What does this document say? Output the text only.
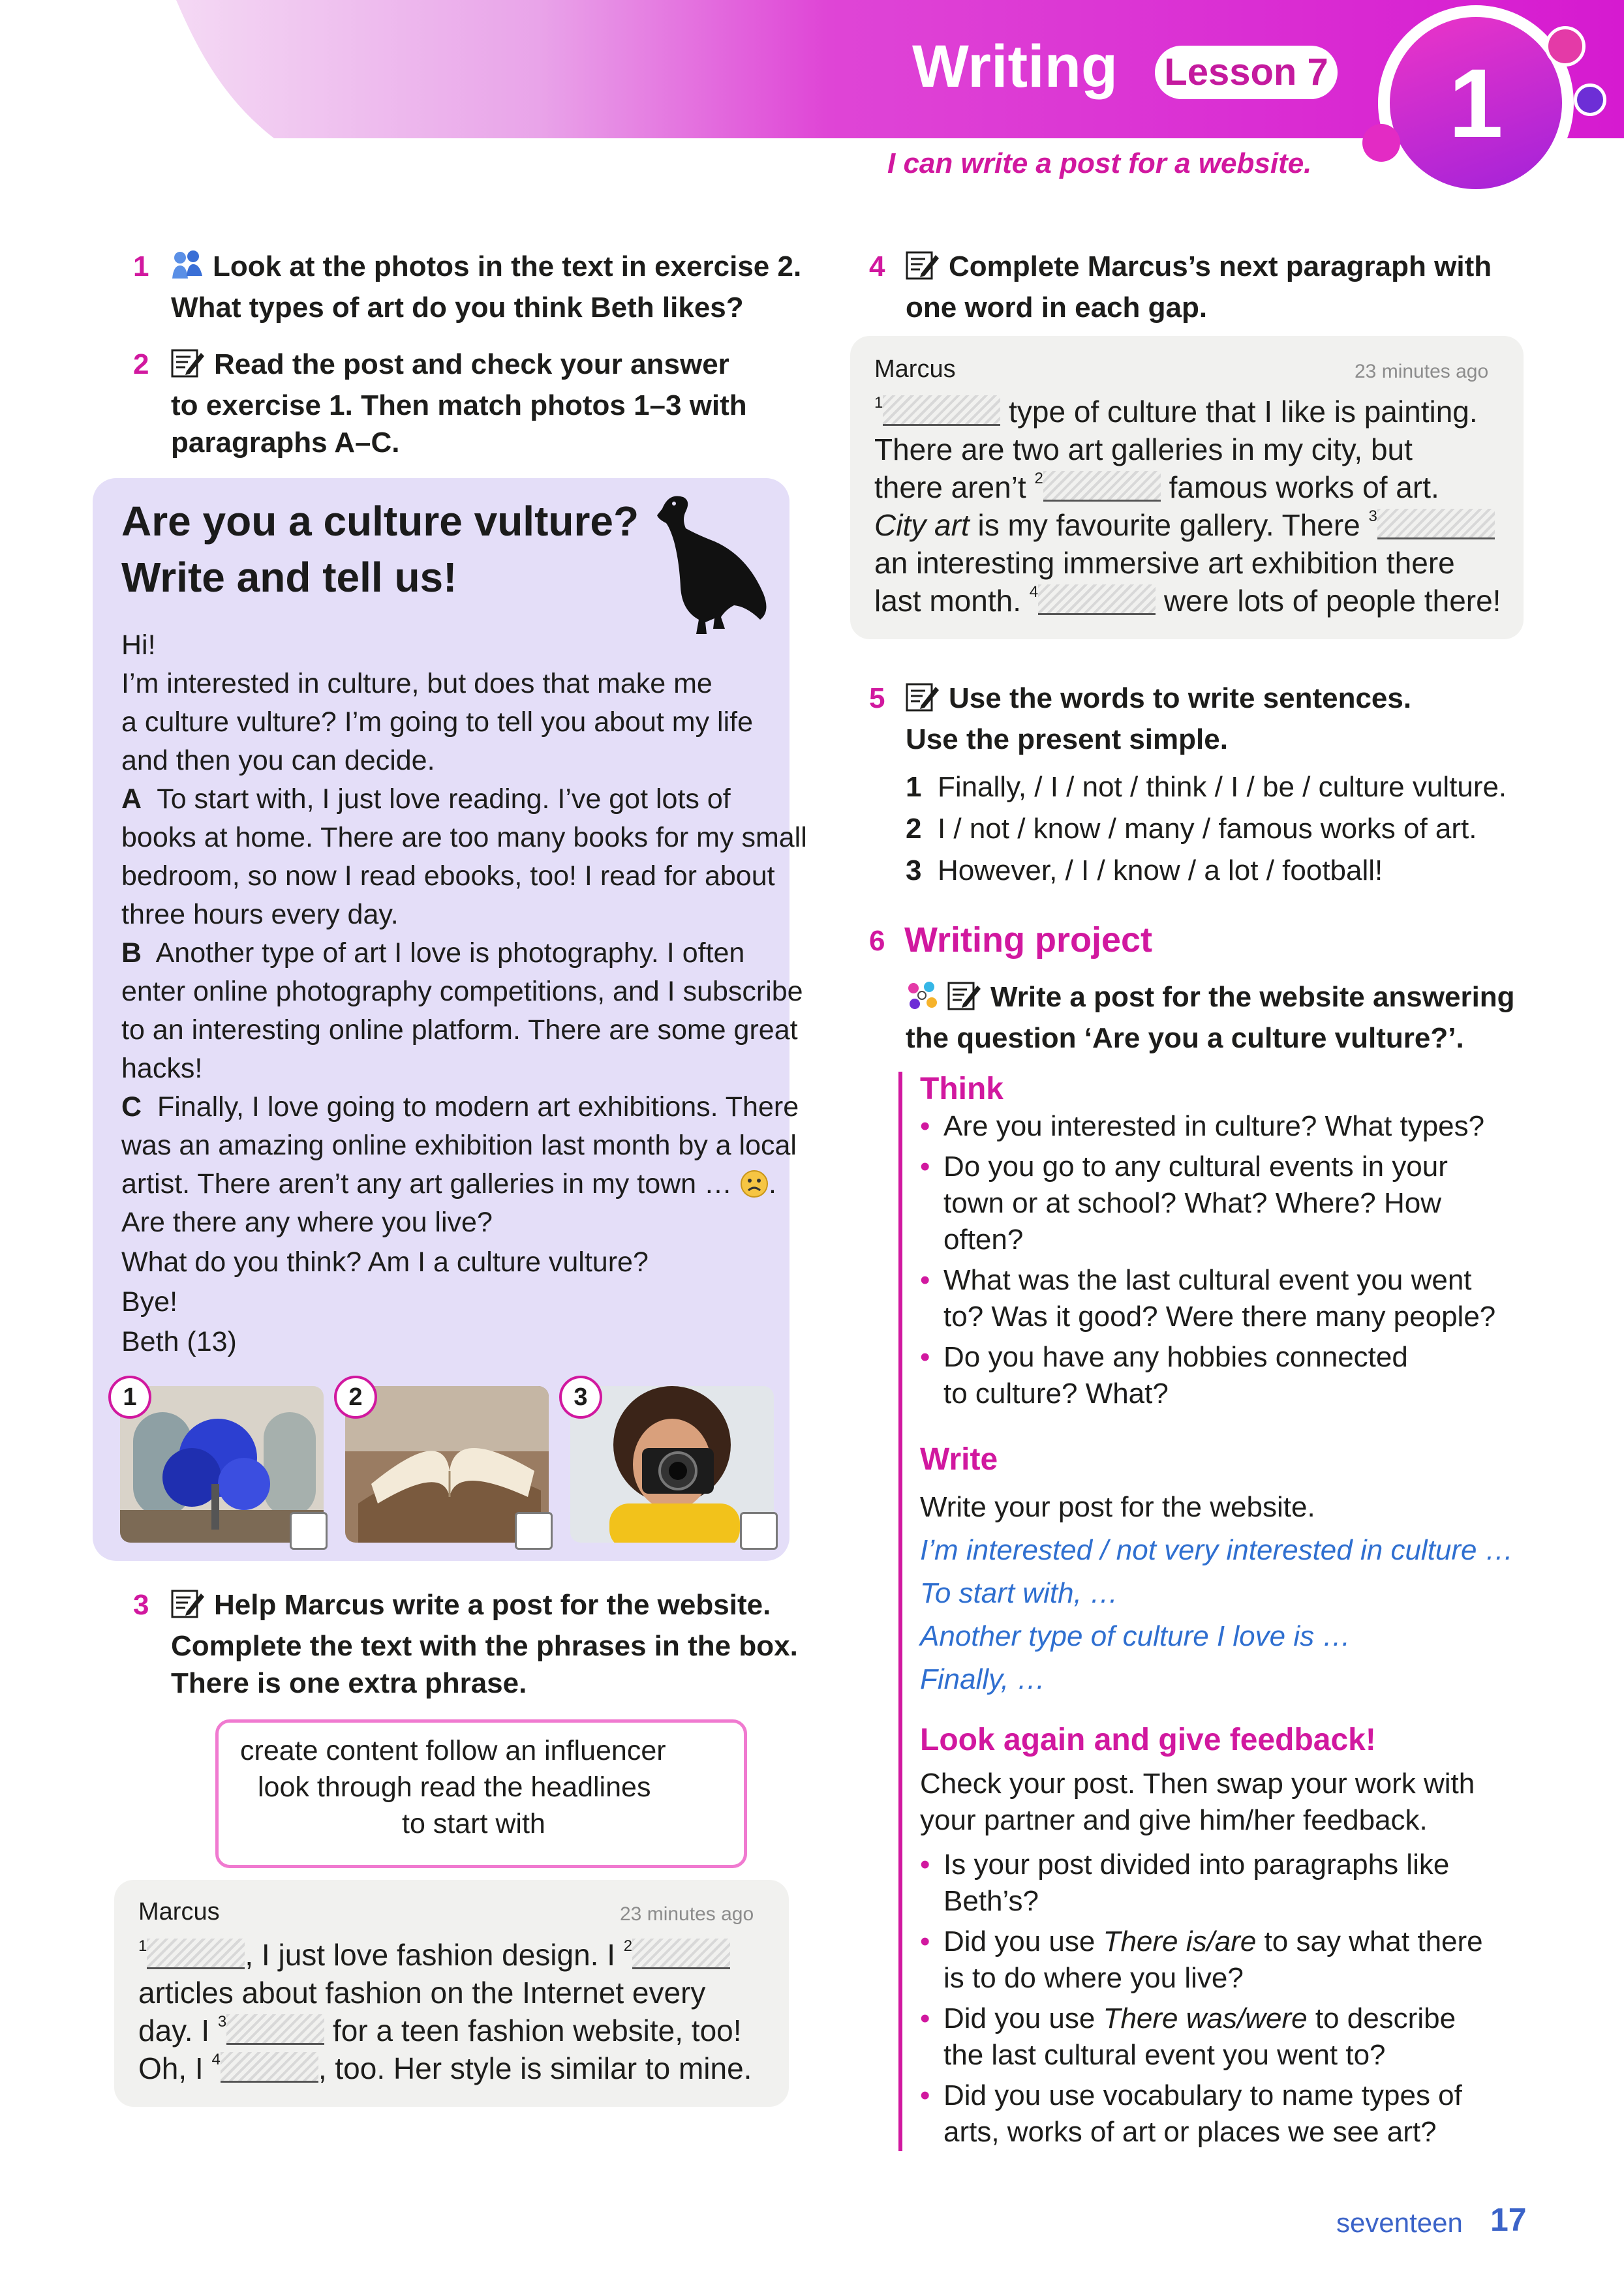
Writing Lesson 7	1
I can write a post for a website.
1	Look at the photos in the text in exercise 2.
What types of art do you think Beth likes?
2	Read the post and check your answer
to exercise 1. Then match photos 1–3 with
paragraphs A–C.
Are you a culture vulture?
Write and tell us!
Hi!
I’m interested in culture, but does that make me
a culture vulture? I’m going to tell you about my life
and then you can decide.
A To start with, I just love reading. I’ve got lots of
books at home. There are too many books for my small
bedroom, so now I read ebooks, too! I read for about
three hours every day.
B Another type of art I love is photography. I often
enter online photography competitions, and I subscribe
to an interesting online platform. There are some great
hacks!
C Finally, I love going to modern art exhibitions. There
was an amazing online exhibition last month by a local
artist. There aren’t any art galleries in my town … .
Are there any where you live?
What do you think? Am I a culture vulture?
Bye!
Beth (13)
1	2	3
3	Help Marcus write a post for the website.
Complete the text with the phrases in the box.
There is one extra phrase.
create content follow an influencer
look through read the headlines
to start with
Marcus	23 minutes ago
$^1$	, I just love fashion design. I $^2$
articles about fashion on the Internet every
day. I $^3$	for a teen fashion website, too!
Oh, I $^4$	, too. Her style is similar to mine.
4	Complete Marcus’s next paragraph with
one word in each gap.
Marcus	23 minutes ago
$^1$	type of culture that I like is painting.
There are two art galleries in my city, but
there aren’t $^2$	famous works of art.
City art is my favourite gallery. There $^3$
an interesting immersive art exhibition there
last month. $^4$	were lots of people there!
5	Use the words to write sentences.
Use the present simple.
1 Finally, / I / not / think / I / be / culture vulture.
2 I / not / know / many / famous works of art.
3 However, / I / know / a lot / football!
6 Writing project
Write a post for the website answering
the question ‘Are you a culture vulture?’.
Think
• Are you interested in culture? What types?
• Do you go to any cultural events in your
town or at school? What? Where? How
often?
• What was the last cultural event you went
to? Was it good? Were there many people?
• Do you have any hobbies connected
to culture? What?
Write
Write your post for the website.
I’m interested / not very interested in culture …
To start with, …
Another type of culture I love is …
Finally, …
Look again and give feedback!
Check your post. Then swap your work with
your partner and give him/her feedback.
• Is your post divided into paragraphs like
Beth’s?
• Did you use There is/are to say what there
is to do where you live?
• Did you use There was/were to describe
the last cultural event you went to?
• Did you use vocabulary to name types of
arts, works of art or places we see art?
seventeen 17
